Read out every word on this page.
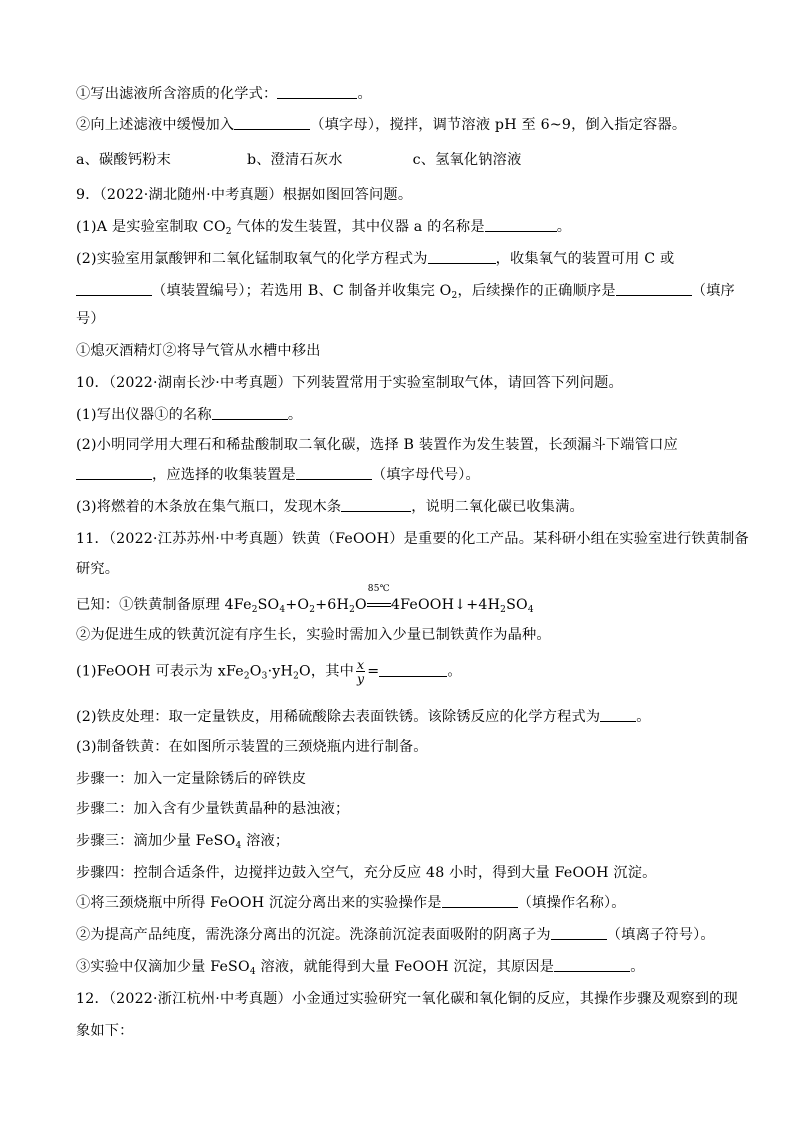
①写出滤液所含溶质的化学式：	。
②向上述滤液中缓慢加入	（填字母），搅拌，调节溶液 pH 至 6~9，倒入指定容器。
a、碳酸钙粉末	b、澄清石灰水	c、氢氧化钠溶液
9．（2022·湖北随州·中考真题）根据如图回答问题。
(1)A 是实验室制取 $CO_2$ 气体的发生装置，其中仪器 a 的名称是	。
(2)实验室用氯酸钾和二氧化锰制取氧气的化学方程式为	，收集氧气的装置可用 C 或
（填装置编号）；若选用 B、C 制备并收集完 $O_2$，后续操作的正确顺序是	（填序
号）
①熄灭酒精灯②将导气管从水槽中移出
10．（2022·湖南长沙·中考真题）下列装置常用于实验室制取气体，请回答下列问题。
(1)写出仪器①的名称	。
(2)小明同学用大理石和稀盐酸制取二氧化碳，选择 B 装置作为发生装置，长颈漏斗下端管口应
，应选择的收集装置是	（填字母代号）。
(3)将燃着的木条放在集气瓶口，发现木条	，说明二氧化碳已收集满。
11．（2022·江苏苏州·中考真题）铁黄（FeOOH）是重要的化工产品。某科研小组在实验室进行铁黄制备
研究。
已知：①铁黄制备原理 $4Fe_2SO_4+O_2+6H_2O$
85℃
$4FeOOH↓+4H_2SO_4$
②为促进生成的铁黄沉淀有序生长，实验时需加入少量已制铁黄作为晶种。
(1)FeOOH 可表示为 $xFe_2O_3\cdot yH_2O$，其中 $\frac{x}{y}$ =	。
(2)铁皮处理：取一定量铁皮，用稀硫酸除去表面铁锈。该除锈反应的化学方程式为	。
(3)制备铁黄：在如图所示装置的三颈烧瓶内进行制备。
步骤一：加入一定量除锈后的碎铁皮
步骤二：加入含有少量铁黄晶种的悬浊液；
步骤三：滴加少量 FeSO$_4$ 溶液；
步骤四：控制合适条件，边搅拌边鼓入空气，充分反应 48 小时，得到大量 FeOOH 沉淀。
①将三颈烧瓶中所得 FeOOH 沉淀分离出来的实验操作是	（填操作名称）。
②为提高产品纯度，需洗涤分离出的沉淀。洗涤前沉淀表面吸附的阴离子为	（填离子符号）。
③实验中仅滴加少量 FeSO$_4$ 溶液，就能得到大量 FeOOH 沉淀，其原因是	。
12．（2022·浙江杭州·中考真题）小金通过实验研究一氧化碳和氧化铜的反应，其操作步骤及观察到的现
象如下：
